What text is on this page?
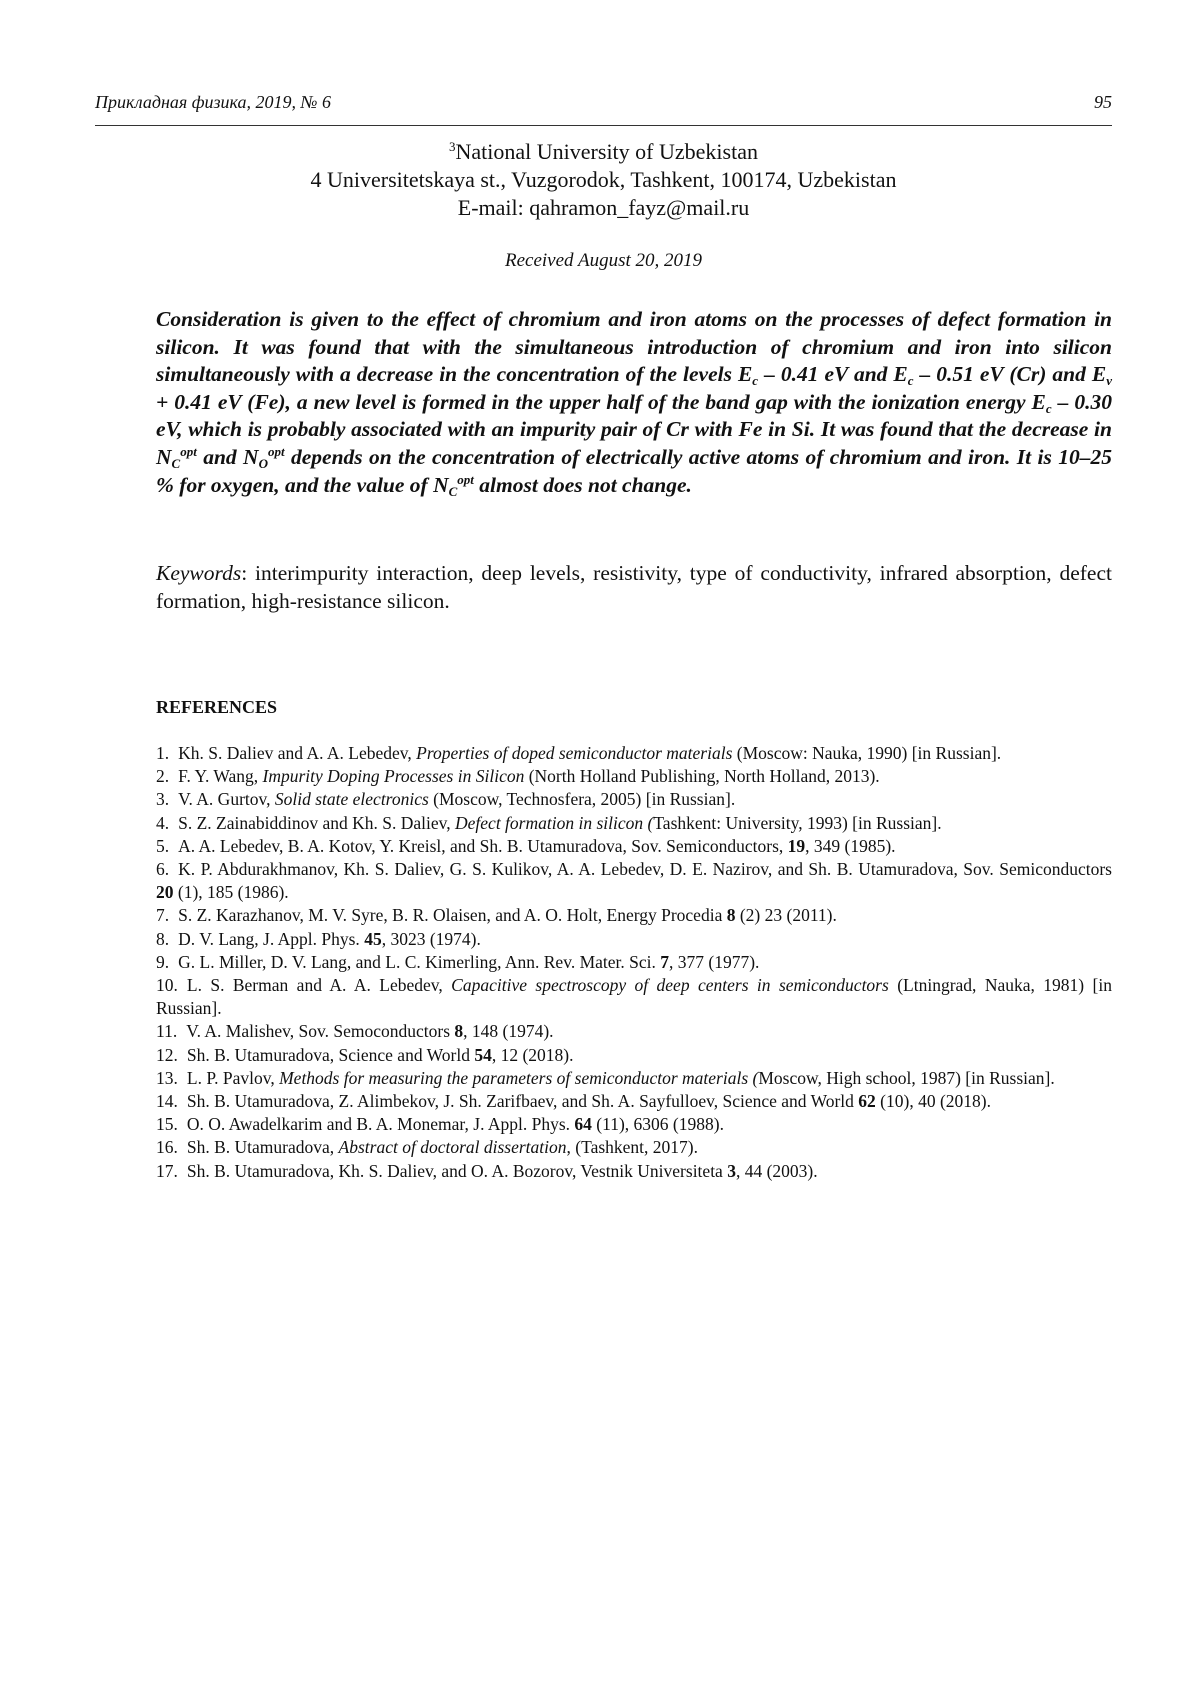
Прикладная физика, 2019, № 6	95
$^3$National University of Uzbekistan
4 Universitetskaya st., Vuzgorodok, Tashkent, 100174, Uzbekistan
E-mail: qahramon_fayz@mail.ru
Received August 20, 2019
Consideration is given to the effect of chromium and iron atoms on the processes of defect formation in silicon. It was found that with the simultaneous introduction of chromium and iron into silicon simultaneously with a decrease in the concentration of the levels $E_c - 0.41$ eV and $E_c - 0.51$ eV (Cr) and $E_v + 0.41$ eV (Fe), a new level is formed in the upper half of the band gap with the ionization energy $E_c - 0.30$ eV, which is probably associated with an impurity pair of Cr with Fe in Si. It was found that the decrease in $N_C^{opt}$ and $N_O^{opt}$ depends on the concentration of electrically active atoms of chromium and iron. It is 10–25 % for oxygen, and the value of $N_C^{opt}$ almost does not change.
Keywords: interimpurity interaction, deep levels, resistivity, type of conductivity, infrared absorption, defect formation, high-resistance silicon.
REFERENCES
1. Kh. S. Daliev and A. A. Lebedev, Properties of doped semiconductor materials (Moscow: Nauka, 1990) [in Russian].
2. F. Y. Wang, Impurity Doping Processes in Silicon (North Holland Publishing, North Holland, 2013).
3. V. A. Gurtov, Solid state electronics (Moscow, Technosfera, 2005) [in Russian].
4. S. Z. Zainabiddinov and Kh. S. Daliev, Defect formation in silicon (Tashkent: University, 1993) [in Russian].
5. A. A. Lebedev, B. A. Kotov, Y. Kreisl, and Sh. B. Utamuradova, Sov. Semiconductors, 19, 349 (1985).
6. K. P. Abdurakhmanov, Kh. S. Daliev, G. S. Kulikov, A. A. Lebedev, D. E. Nazirov, and Sh. B. Utamuradova, Sov. Semiconductors 20 (1), 185 (1986).
7. S. Z. Karazhanov, M. V. Syre, B. R. Olaisen, and A. O. Holt, Energy Procedia 8 (2) 23 (2011).
8. D. V. Lang, J. Appl. Phys. 45, 3023 (1974).
9. G. L. Miller, D. V. Lang, and L. C. Kimerling, Ann. Rev. Mater. Sci. 7, 377 (1977).
10. L. S. Berman and A. A. Lebedev, Capacitive spectroscopy of deep centers in semiconductors (Ltningrad, Nauka, 1981) [in Russian].
11. V. A. Malishev, Sov. Semoconductors 8, 148 (1974).
12. Sh. B. Utamuradova, Science and World 54, 12 (2018).
13. L. P. Pavlov, Methods for measuring the parameters of semiconductor materials (Moscow, High school, 1987) [in Russian].
14. Sh. B. Utamuradova, Z. Alimbekov, J. Sh. Zarifbaev, and Sh. A. Sayfulloev, Science and World 62 (10), 40 (2018).
15. O. O. Awadelkarim and B. A. Monemar, J. Appl. Phys. 64 (11), 6306 (1988).
16. Sh. B. Utamuradova, Abstract of doctoral dissertation, (Tashkent, 2017).
17. Sh. B. Utamuradova, Kh. S. Daliev, and O. A. Bozorov, Vestnik Universiteta 3, 44 (2003).
